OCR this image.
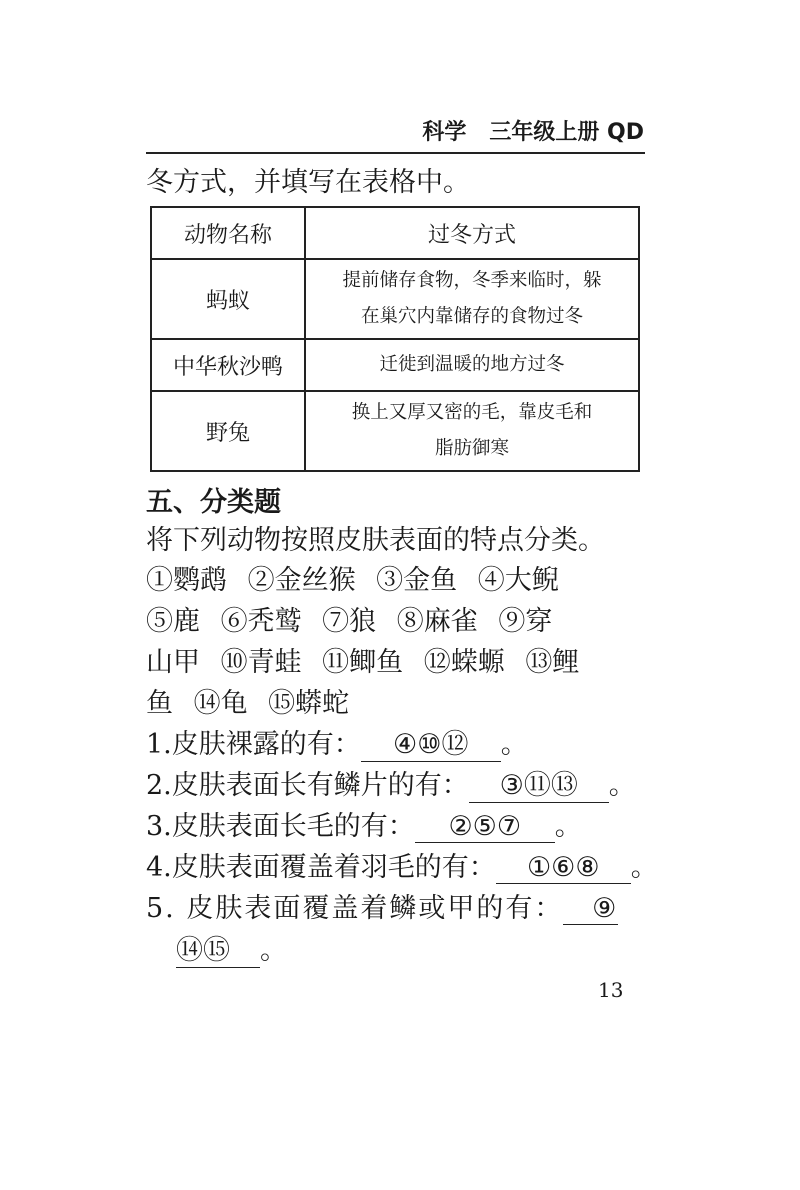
科学 三年级上册 QD
冬方式，并填写在表格中。
动物名称	过冬方式
蚂蚁	提前储存食物，冬季来临时，躲
在巢穴内靠储存的食物过冬

中华秋沙鸭	迁徙到温暖的地方过冬

野兔	换上又厚又密的毛，靠皮毛和
脂肪御寒
五、分类题
将下列动物按照皮肤表面的特点分类。
①鹦鹉 ②金丝猴 ③金鱼 ④大鲵
⑤鹿 ⑥秃鹫 ⑦狼 ⑧麻雀 ⑨穿
山甲 ⑩青蛙 ⑪鲫鱼 ⑫蝾螈 ⑬鲤
鱼 ⑭龟 ⑮蟒蛇
1.皮肤裸露的有： ④⑩⑫ 。
2.皮肤表面长有鳞片的有： ③⑪⑬ 。
3.皮肤表面长毛的有： ②⑤⑦ 。
4.皮肤表面覆盖着羽毛的有： ①⑥⑧ 。
5. 皮肤表面覆盖着鳞或甲的有： ⑨
⑭⑮ 。
13
